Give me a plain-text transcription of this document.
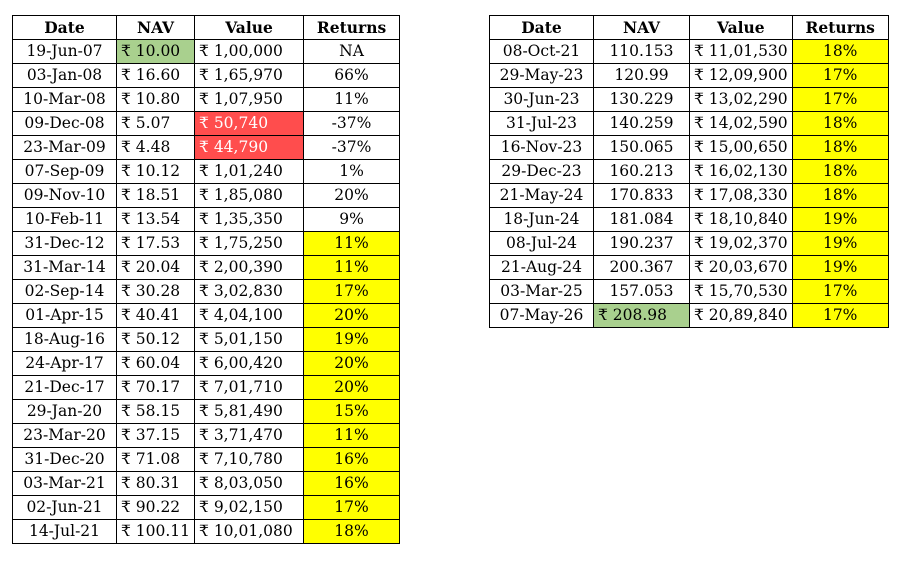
Date	NAV	Value	Returns
19-Jun-07	₹ 10.00	₹ 1,00,000	NA
03-Jan-08	₹ 16.60	₹ 1,65,970	66%
10-Mar-08	₹ 10.80	₹ 1,07,950	11%
09-Dec-08	₹ 5.07	₹ 50,740	-37%
23-Mar-09	₹ 4.48	₹ 44,790	-37%
07-Sep-09	₹ 10.12	₹ 1,01,240	1%
09-Nov-10	₹ 18.51	₹ 1,85,080	20%
10-Feb-11	₹ 13.54	₹ 1,35,350	9%
31-Dec-12	₹ 17.53	₹ 1,75,250	11%
31-Mar-14	₹ 20.04	₹ 2,00,390	11%
02-Sep-14	₹ 30.28	₹ 3,02,830	17%
01-Apr-15	₹ 40.41	₹ 4,04,100	20%
18-Aug-16	₹ 50.12	₹ 5,01,150	19%
24-Apr-17	₹ 60.04	₹ 6,00,420	20%
21-Dec-17	₹ 70.17	₹ 7,01,710	20%
29-Jan-20	₹ 58.15	₹ 5,81,490	15%
23-Mar-20	₹ 37.15	₹ 3,71,470	11%
31-Dec-20	₹ 71.08	₹ 7,10,780	16%
03-Mar-21	₹ 80.31	₹ 8,03,050	16%
02-Jun-21	₹ 90.22	₹ 9,02,150	17%
14-Jul-21	₹ 100.11	₹ 10,01,080	18%
Date	NAV	Value	Returns
08-Oct-21	110.153	₹ 11,01,530	18%
29-May-23	120.99	₹ 12,09,900	17%
30-Jun-23	130.229	₹ 13,02,290	17%
31-Jul-23	140.259	₹ 14,02,590	18%
16-Nov-23	150.065	₹ 15,00,650	18%
29-Dec-23	160.213	₹ 16,02,130	18%
21-May-24	170.833	₹ 17,08,330	18%
18-Jun-24	181.084	₹ 18,10,840	19%
08-Jul-24	190.237	₹ 19,02,370	19%
21-Aug-24	200.367	₹ 20,03,670	19%
03-Mar-25	157.053	₹ 15,70,530	17%
07-May-26	₹ 208.98	₹ 20,89,840	17%
